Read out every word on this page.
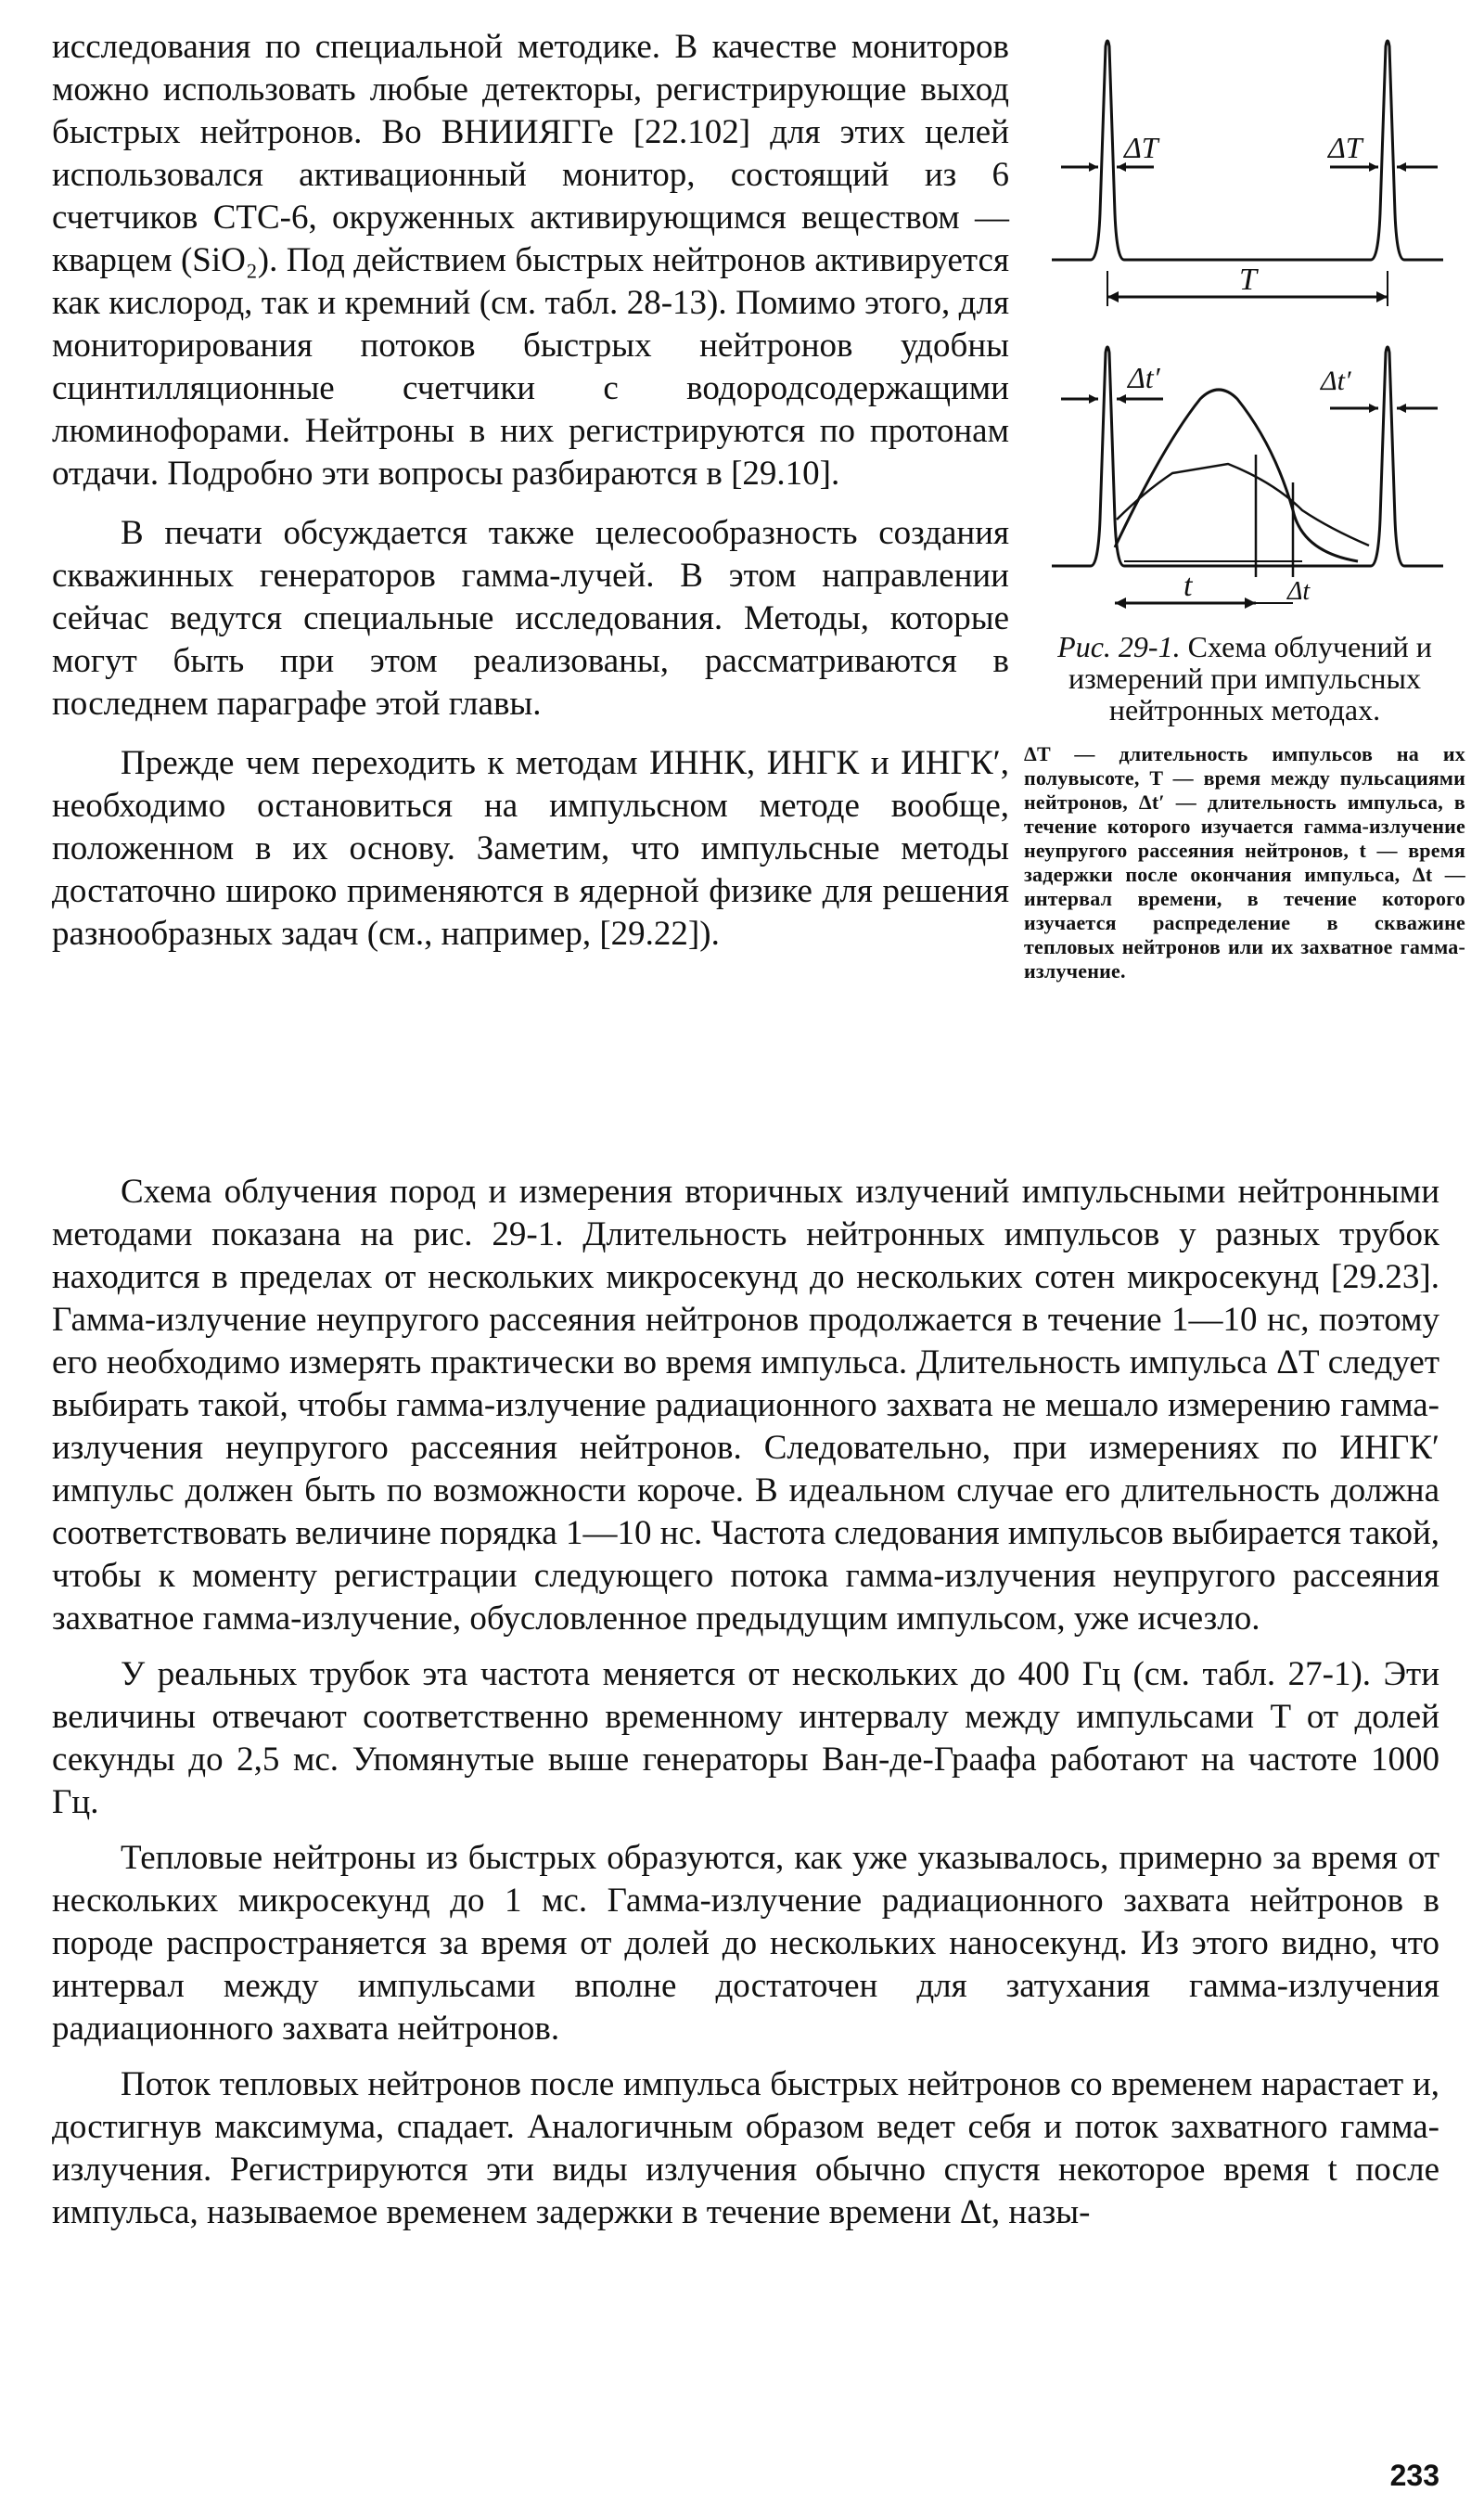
исследования по специальной методике. В качестве мониторов можно использовать любые детекторы, регистрирующие выход быстрых нейтронов. Во ВНИИЯГГе [22.102] для этих целей использовался активационный монитор, состоящий из 6 счетчиков СТС-6, окруженных активирующимся веществом — кварцем (SiO₂). Под действием быстрых нейтронов активируется как кислород, так и кремний (см. табл. 28-13). Помимо этого, для мониторирования потоков быстрых нейтронов удобны сцинтилляционные счетчики с водородсодержащими люминофорами. Нейтроны в них регистрируются по протонам отдачи. Подробно эти вопросы разбираются в [29.10].

В печати обсуждается также целесообразность создания скважинных генераторов гамма-лучей. В этом направлении сейчас ведутся специальные исследования. Методы, которые могут быть при этом реализованы, рассматриваются в последнем параграфе этой главы.

Прежде чем переходить к методам ИННК, ИНГК и ИНГК′, необходимо остановиться на импульсном методе вообще, положенном в их основу. Заметим, что импульсные методы достаточно широко применяются в ядерной физике для решения разнообразных задач (см., например, [29.22]).

ΔT	ΔT
T
Δt′	Δt′
t	Δt
Рис. 29-1. Схема облучений и измерений при импульсных нейтронных методах.
ΔT — длительность импульсов на их полувысоте, T — время между пульсациями нейтронов, Δt′ — длительность импульса, в течение которого изучается гамма-излучение неупругого рассеяния нейтронов, t — время задержки после окончания импульса, Δt — интервал времени, в течение которого изучается распределение в скважине тепловых нейтронов или их захватное гамма-излучение.

Схема облучения пород и измерения вторичных излучений импульсными нейтронными методами показана на рис. 29-1. Длительность нейтронных импульсов у разных трубок находится в пределах от нескольких микросекунд до нескольких сотен микросекунд [29.23]. Гамма-излучение неупругого рассеяния нейтронов продолжается в течение 1—10 нс, поэтому его необходимо измерять практически во время импульса. Длительность импульса ΔT следует выбирать такой, чтобы гамма-излучение радиационного захвата не мешало измерению гамма-излучения неупругого рассеяния нейтронов. Следовательно, при измерениях по ИНГК′ импульс должен быть по возможности короче. В идеальном случае его длительность должна соответствовать величине порядка 1—10 нс. Частота следования импульсов выбирается такой, чтобы к моменту регистрации следующего потока гамма-излучения неупругого рассеяния захватное гамма-излучение, обусловленное предыдущим импульсом, уже исчезло.

У реальных трубок эта частота меняется от нескольких до 400 Гц (см. табл. 27-1). Эти величины отвечают соответственно временному интервалу между импульсами T от долей секунды до 2,5 мс. Упомянутые выше генераторы Ван-де-Граафа работают на частоте 1000 Гц.

Тепловые нейтроны из быстрых образуются, как уже указывалось, примерно за время от нескольких микросекунд до 1 мс. Гамма-излучение радиационного захвата нейтронов в породе распространяется за время от долей до нескольких наносекунд. Из этого видно, что интервал между импульсами вполне достаточен для затухания гамма-излучения радиационного захвата нейтронов.

Поток тепловых нейтронов после импульса быстрых нейтронов со временем нарастает и, достигнув максимума, спадает. Аналогичным образом ведет себя и поток захватного гамма-излучения. Регистрируются эти виды излучения обычно спустя некоторое время t после импульса, называемое временем задержки в течение времени Δt, назы-

233
